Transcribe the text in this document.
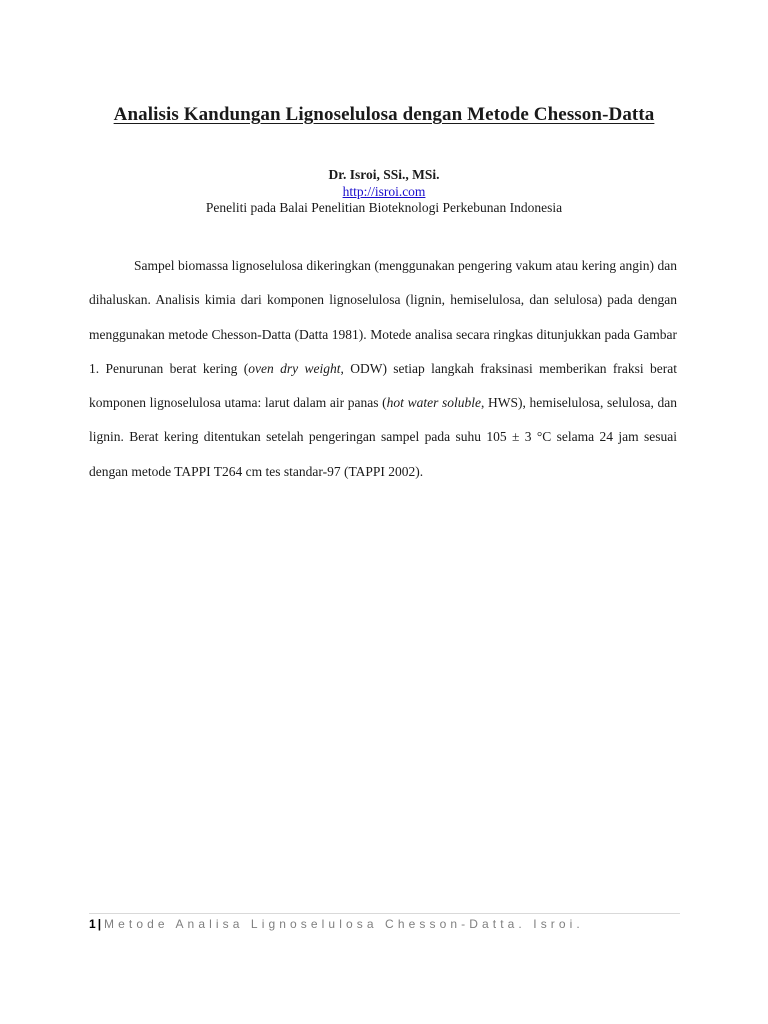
Analisis Kandungan Lignoselulosa dengan Metode Chesson-Datta
Dr. Isroi, SSi., MSi.
http://isroi.com
Peneliti pada Balai Penelitian Bioteknologi Perkebunan Indonesia

Sampel biomassa lignoselulosa dikeringkan (menggunakan pengering vakum atau kering angin) dan dihaluskan. Analisis kimia dari komponen lignoselulosa (lignin, hemiselulosa, dan selulosa) pada dengan menggunakan metode Chesson-Datta (Datta 1981). Motede analisa secara ringkas ditunjukkan pada Gambar 1. Penurunan berat kering (oven dry weight, ODW) setiap langkah fraksinasi memberikan fraksi berat komponen lignoselulosa utama: larut dalam air panas (hot water soluble, HWS), hemiselulosa, selulosa, dan lignin. Berat kering ditentukan setelah pengeringan sampel pada suhu 105 ± 3 °C selama 24 jam sesuai dengan metode TAPPI T264 cm tes standar-97 (TAPPI 2002).

1 | Metode Analisa Lignoselulosa Chesson-Datta. Isroi.
